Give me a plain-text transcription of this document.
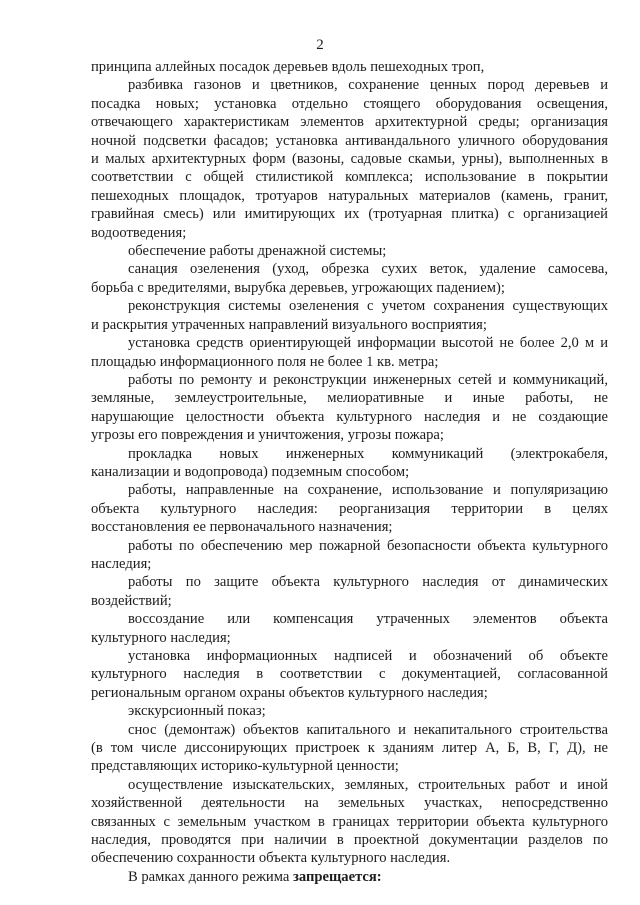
2

принципа аллейных посадок деревьев вдоль пешеходных троп,

разбивка газонов и цветников, сохранение ценных пород деревьев и
посадка новых; установка отдельно стоящего оборудования освещения,
отвечающего характеристикам элементов архитектурной среды; организация
ночной подсветки фасадов; установка антивандального уличного оборудования
и малых архитектурных форм (вазоны, садовые скамьи, урны), выполненных в
соответствии с общей стилистикой комплекса; использование в покрытии
пешеходных площадок, тротуаров натуральных материалов (камень, гранит,
гравийная смесь) или имитирующих их (тротуарная плитка) с организацией
водоотведения;

обеспечение работы дренажной системы;

санация озеленения (уход, обрезка сухих веток, удаление самосева,
борьба с вредителями, вырубка деревьев, угрожающих падением);

реконструкция системы озеленения с учетом сохранения существующих
и раскрытия утраченных направлений визуального восприятия;

установка средств ориентирующей информации высотой не более 2,0 м и
площадью информационного поля не более 1 кв. метра;

работы по ремонту и реконструкции инженерных сетей и коммуникаций,
земляные, землеустроительные, мелиоративные и иные работы, не
нарушающие целостности объекта культурного наследия и не создающие
угрозы его повреждения и уничтожения, угрозы пожара;

прокладка новых инженерных коммуникаций (электрокабеля,
канализации и водопровода) подземным способом;

работы, направленные на сохранение, использование и популяризацию
объекта культурного наследия: реорганизация территории в целях
восстановления ее первоначального назначения;

работы по обеспечению мер пожарной безопасности объекта культурного
наследия;

работы по защите объекта культурного наследия от динамических
воздействий;

воссоздание или компенсация утраченных элементов объекта
культурного наследия;

установка информационных надписей и обозначений об объекте
культурного наследия в соответствии с документацией, согласованной
региональным органом охраны объектов культурного наследия;

экскурсионный показ;

снос (демонтаж) объектов капитального и некапитального строительства
(в том числе диссонирующих пристроек к зданиям литер А, Б, В, Г, Д), не
представляющих историко-культурной ценности;

осуществление изыскательских, земляных, строительных работ и иной
хозяйственной деятельности на земельных участках, непосредственно
связанных с земельным участком в границах территории объекта культурного
наследия, проводятся при наличии в проектной документации разделов по
обеспечению сохранности объекта культурного наследия.

В рамках данного режима запрещается:
